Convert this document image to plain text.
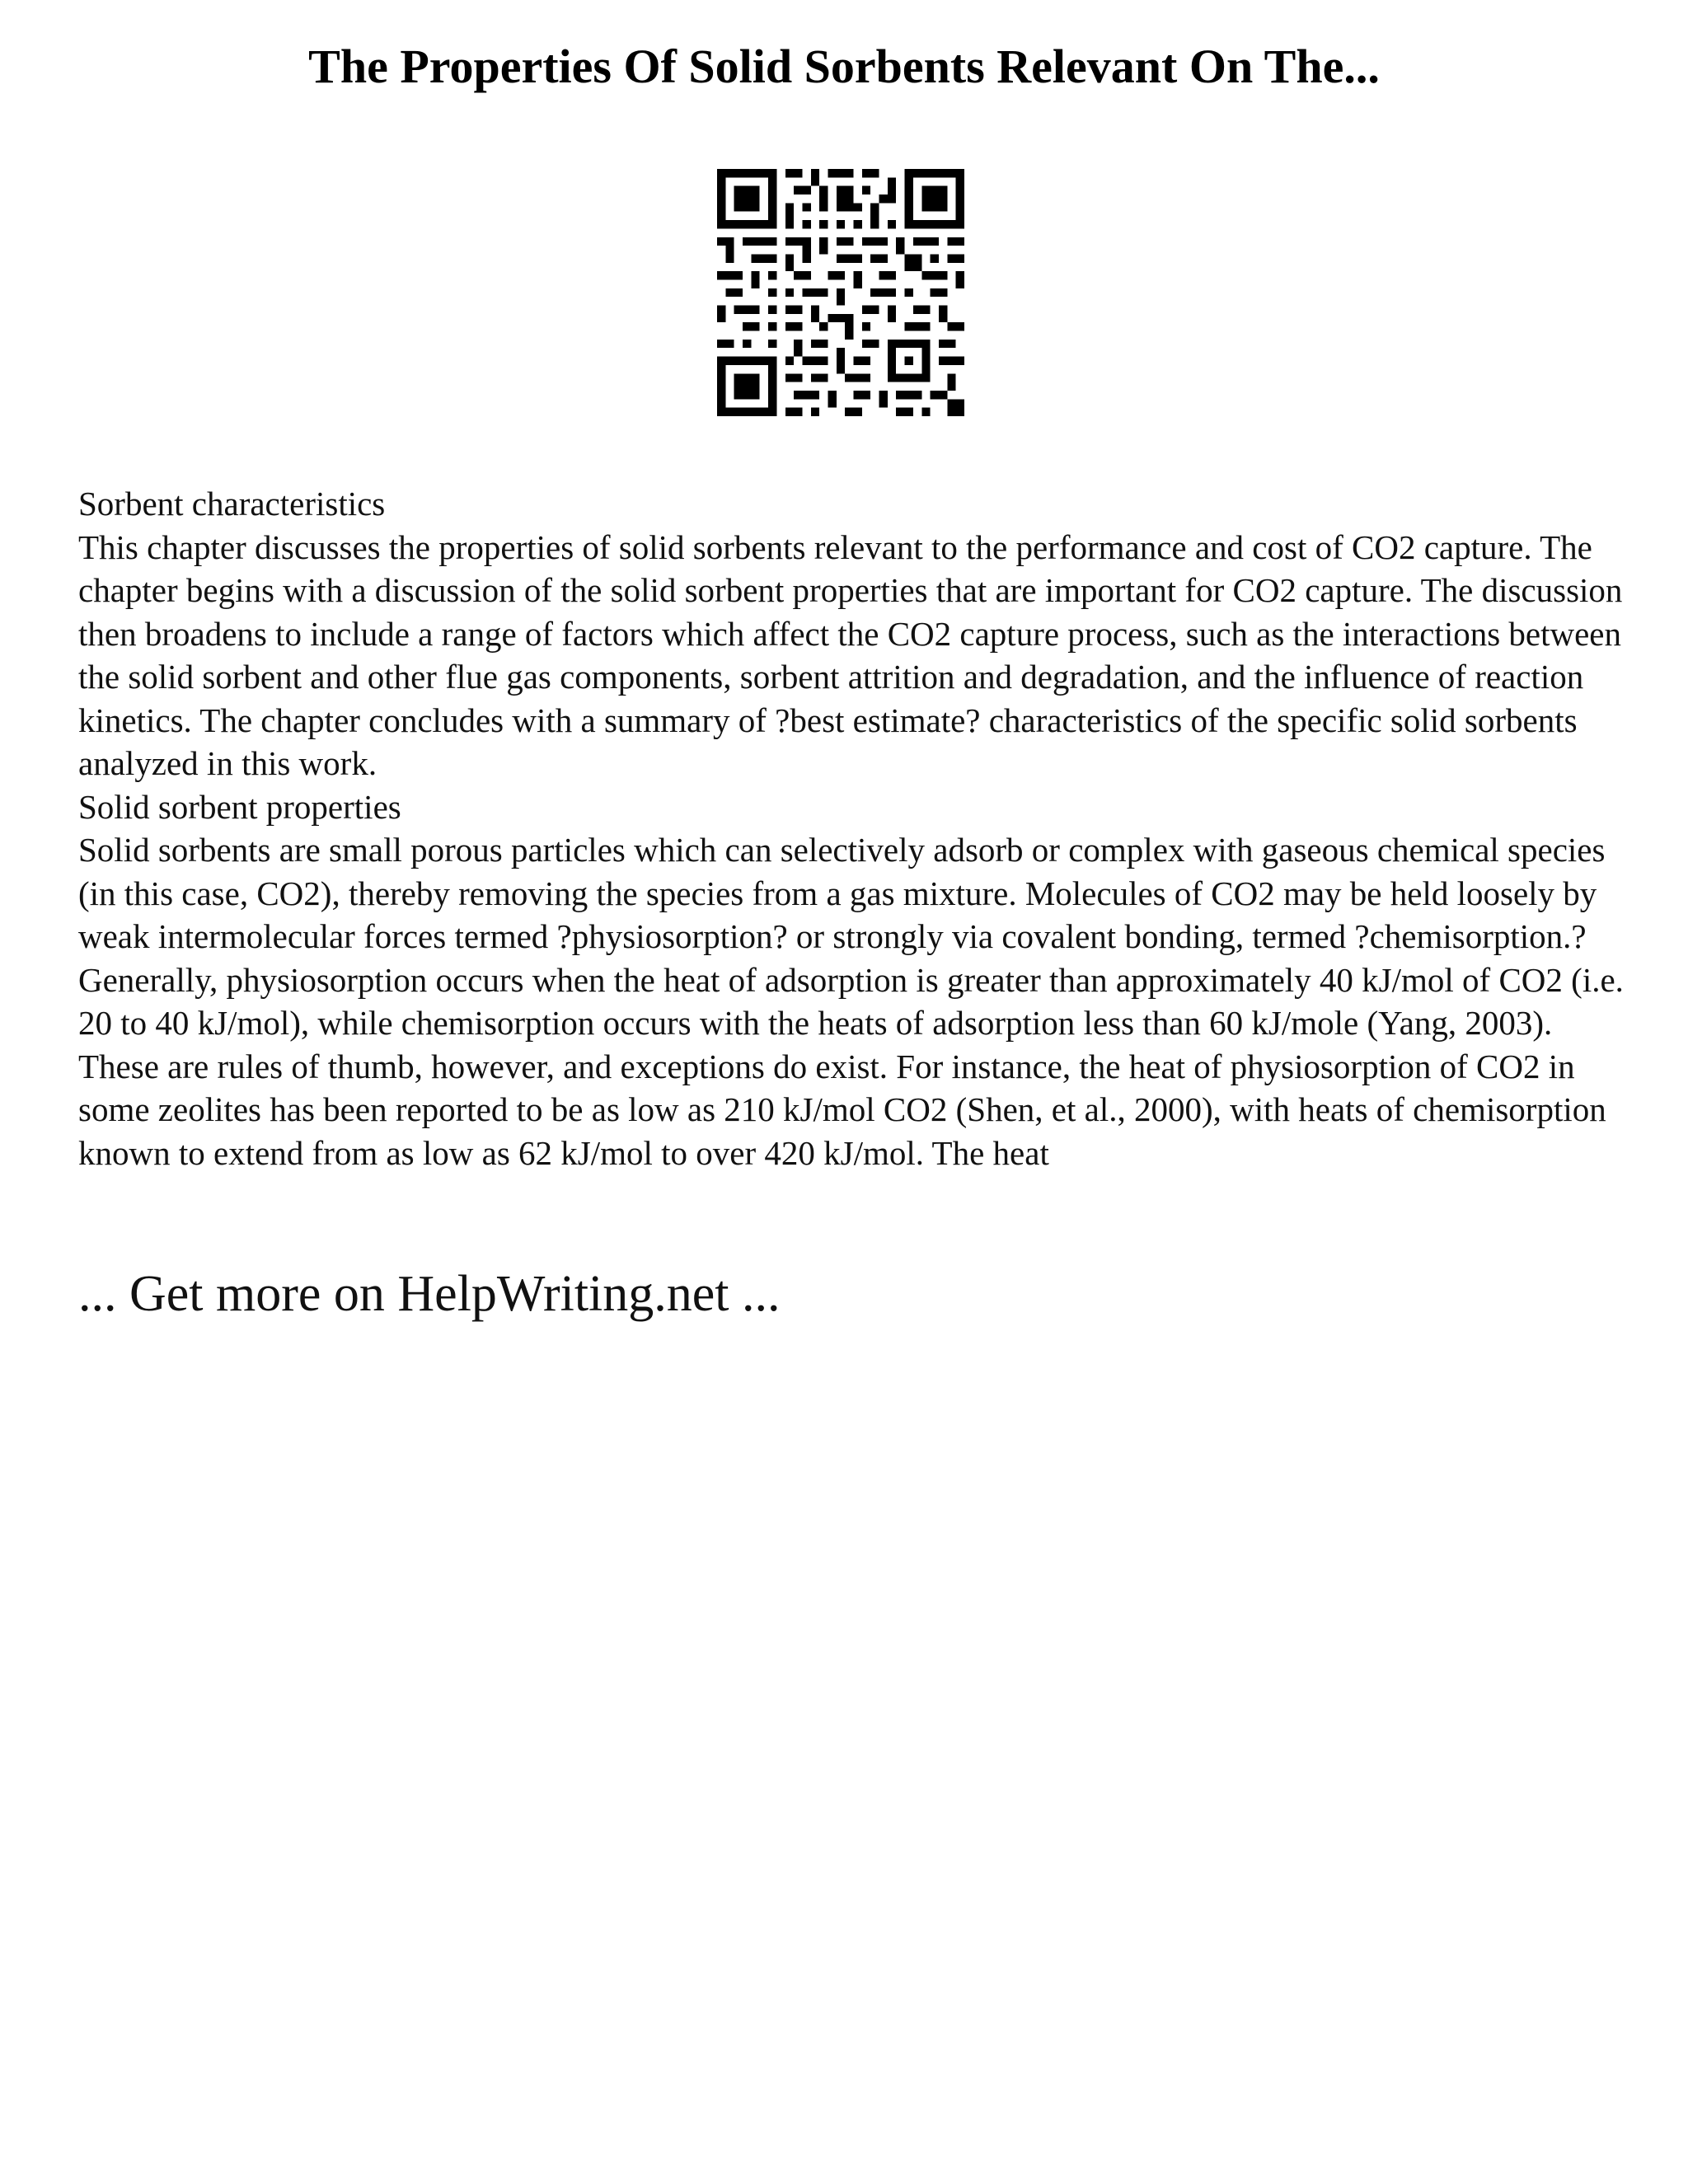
The Properties Of Solid Sorbents Relevant On The...

Sorbent characteristics

This chapter discusses the properties of solid sorbents relevant to the performance and cost of CO2 capture. The chapter begins with a discussion of the solid sorbent properties that are important for CO2 capture. The discussion then broadens to include a range of factors which affect the CO2 capture process, such as the interactions between the solid sorbent and other flue gas components, sorbent attrition and degradation, and the influence of reaction kinetics. The chapter concludes with a summary of ?best estimate? characteristics of the specific solid sorbents analyzed in this work.

Solid sorbent properties

Solid sorbents are small porous particles which can selectively adsorb or complex with gaseous chemical species (in this case, CO2), thereby removing the species from a gas mixture. Molecules of CO2 may be held loosely by weak intermolecular forces termed ?physiosorption? or strongly via covalent bonding, termed ?chemisorption.? Generally, physiosorption occurs when the heat of adsorption is greater than approximately 40 kJ/mol of CO2 (i.e. 20 to 40 kJ/mol), while chemisorption occurs with the heats of adsorption less than 60 kJ/mole (Yang, 2003). These are rules of thumb, however, and exceptions do exist. For instance, the heat of physiosorption of CO2 in some zeolites has been reported to be as low as 210 kJ/mol CO2 (Shen, et al., 2000), with heats of chemisorption known to extend from as low as 62 kJ/mol to over 420 kJ/mol. The heat

... Get more on HelpWriting.net ...
